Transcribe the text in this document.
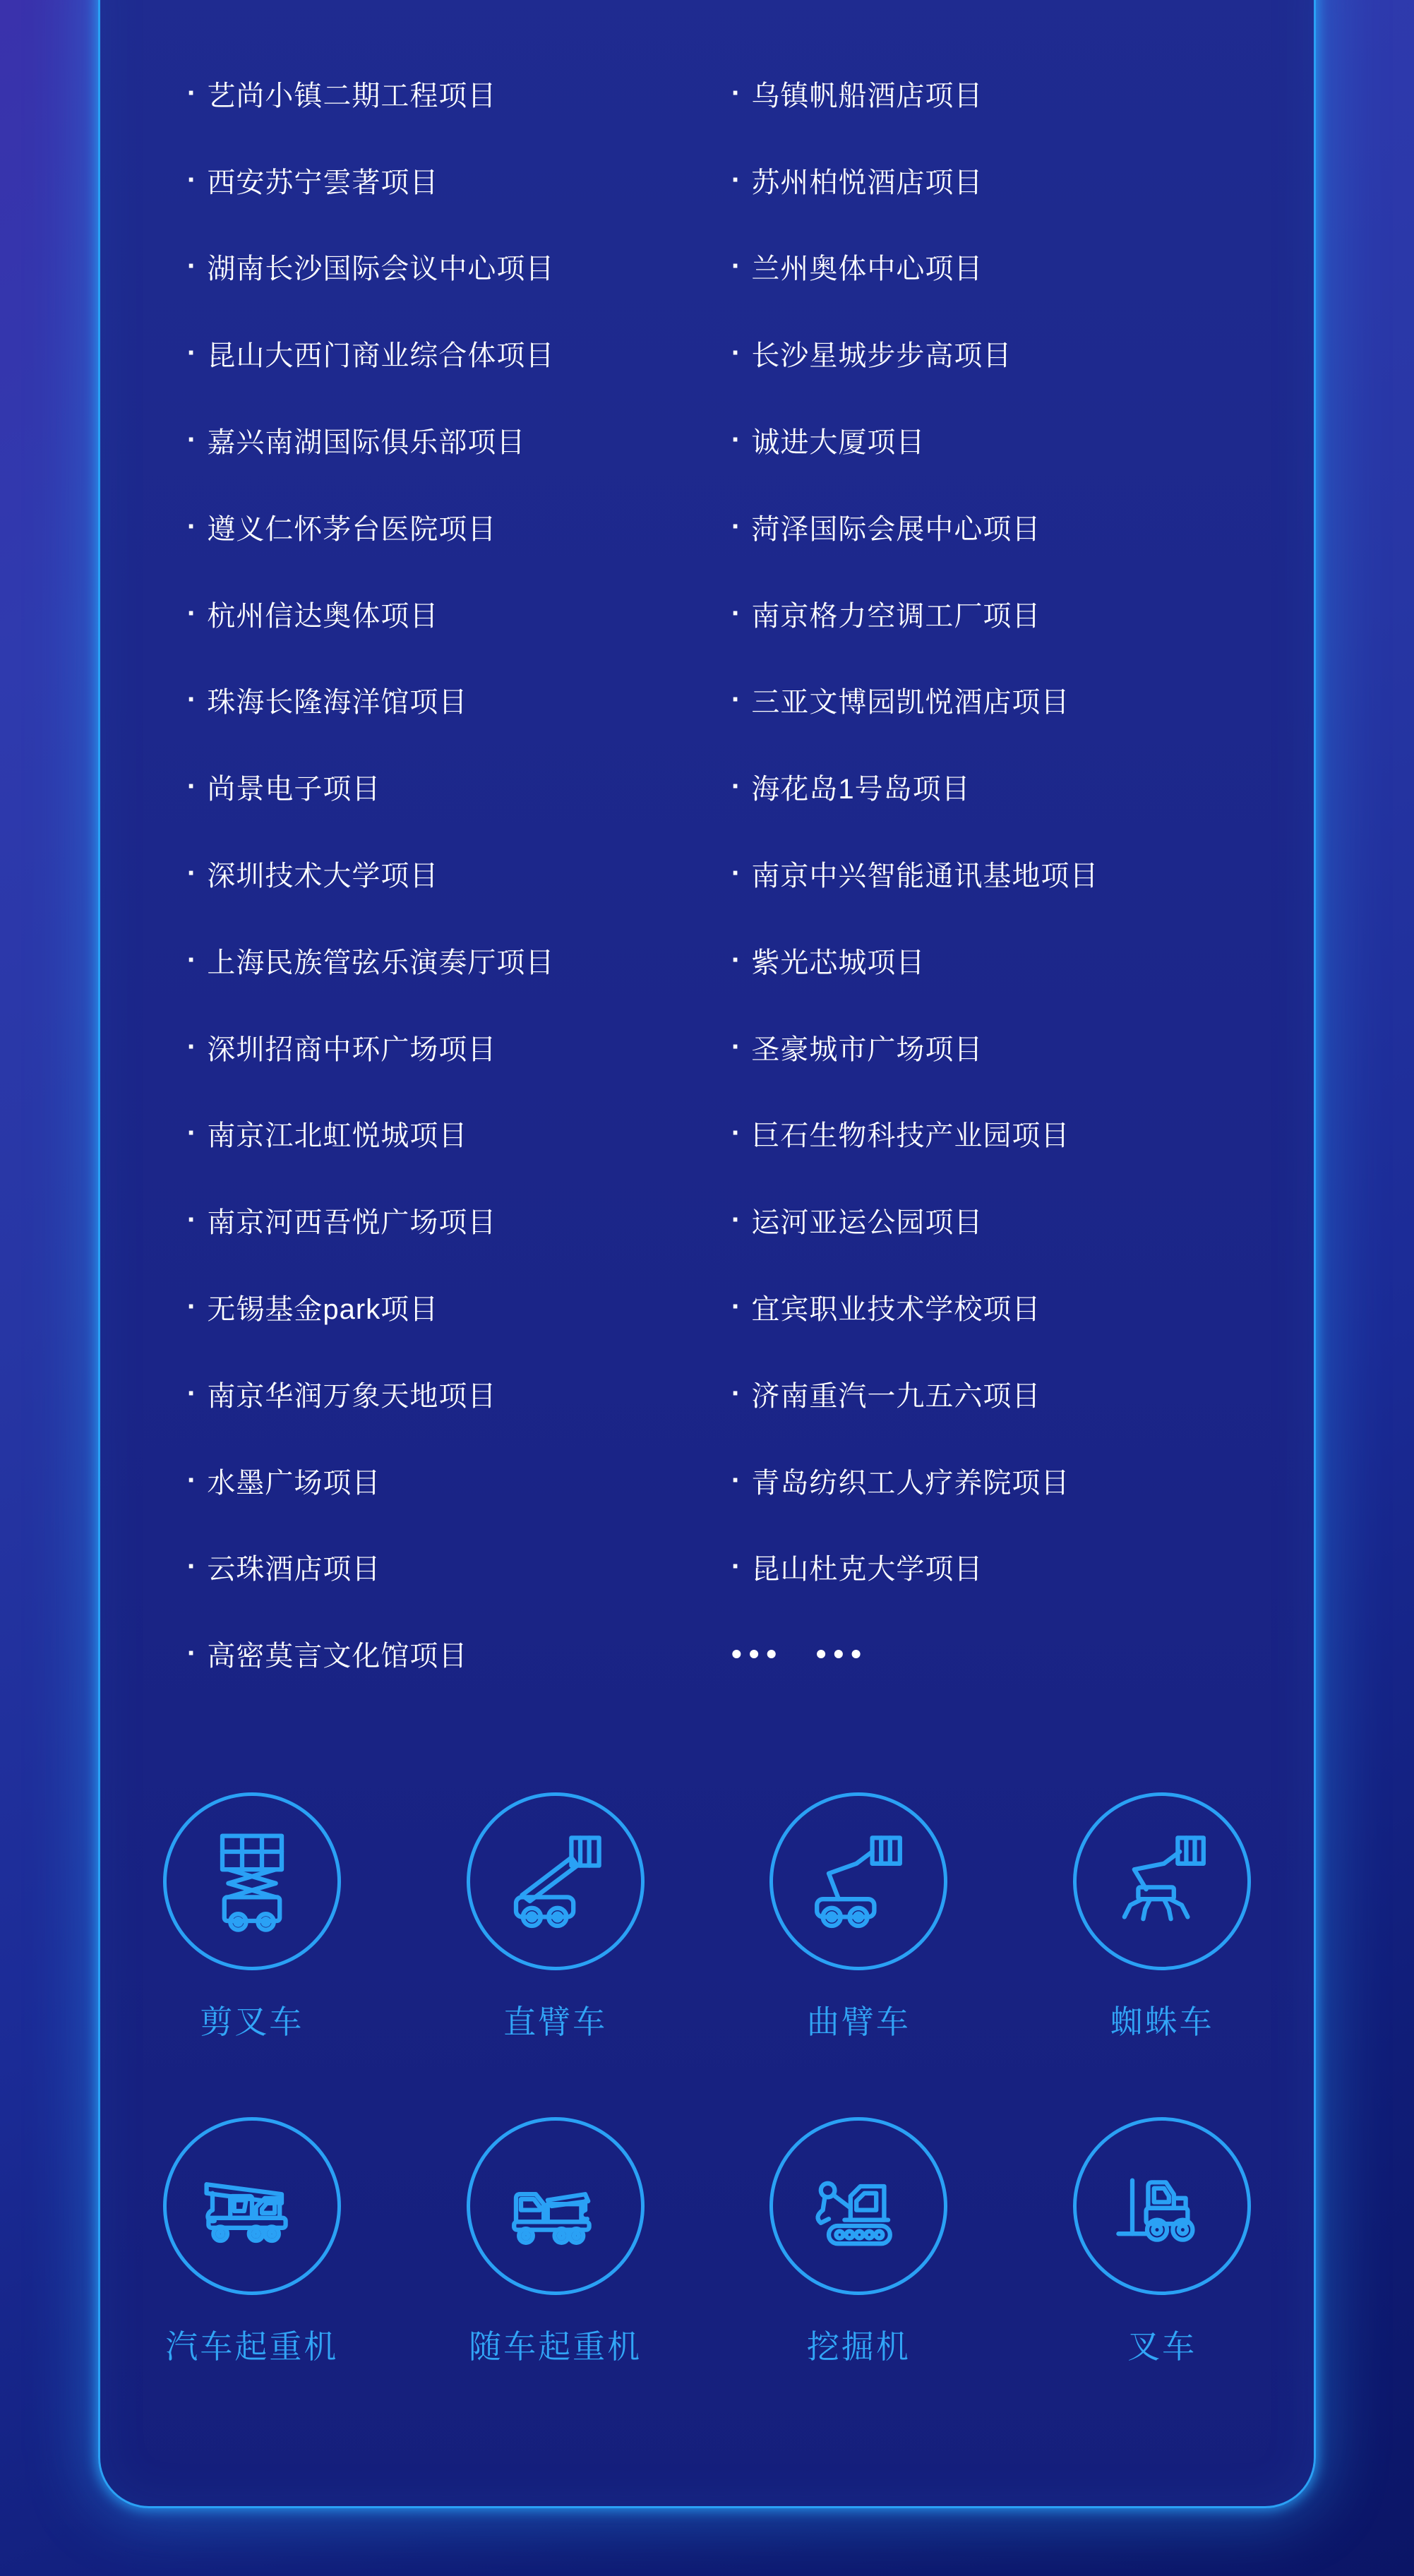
· 艺尚小镇二期工程项目
· 西安苏宁雲著项目
· 湖南长沙国际会议中心项目
· 昆山大西门商业综合体项目
· 嘉兴南湖国际俱乐部项目
· 遵义仁怀茅台医院项目
· 杭州信达奥体项目
· 珠海长隆海洋馆项目
· 尚景电子项目
· 深圳技术大学项目
· 上海民族管弦乐演奏厅项目
· 深圳招商中环广场项目
· 南京江北虹悦城项目
· 南京河西吾悦广场项目
· 无锡基金park项目
· 南京华润万象天地项目
· 水墨广场项目
· 云珠酒店项目
· 高密莫言文化馆项目
· 乌镇帆船酒店项目
· 苏州柏悦酒店项目
· 兰州奥体中心项目
· 长沙星城步步高项目
· 诚进大厦项目
· 菏泽国际会展中心项目
· 南京格力空调工厂项目
· 三亚文博园凯悦酒店项目
· 海花岛1号岛项目
· 南京中兴智能通讯基地项目
· 紫光芯城项目
· 圣豪城市广场项目
· 巨石生物科技产业园项目
· 运河亚运公园项目
· 宜宾职业技术学校项目
· 济南重汽一九五六项目
· 青岛纺织工人疗养院项目
· 昆山杜克大学项目
••• •••
剪叉车	直臂车	曲臂车	蜘蛛车
汽车起重机	随车起重机	挖掘机	叉车
